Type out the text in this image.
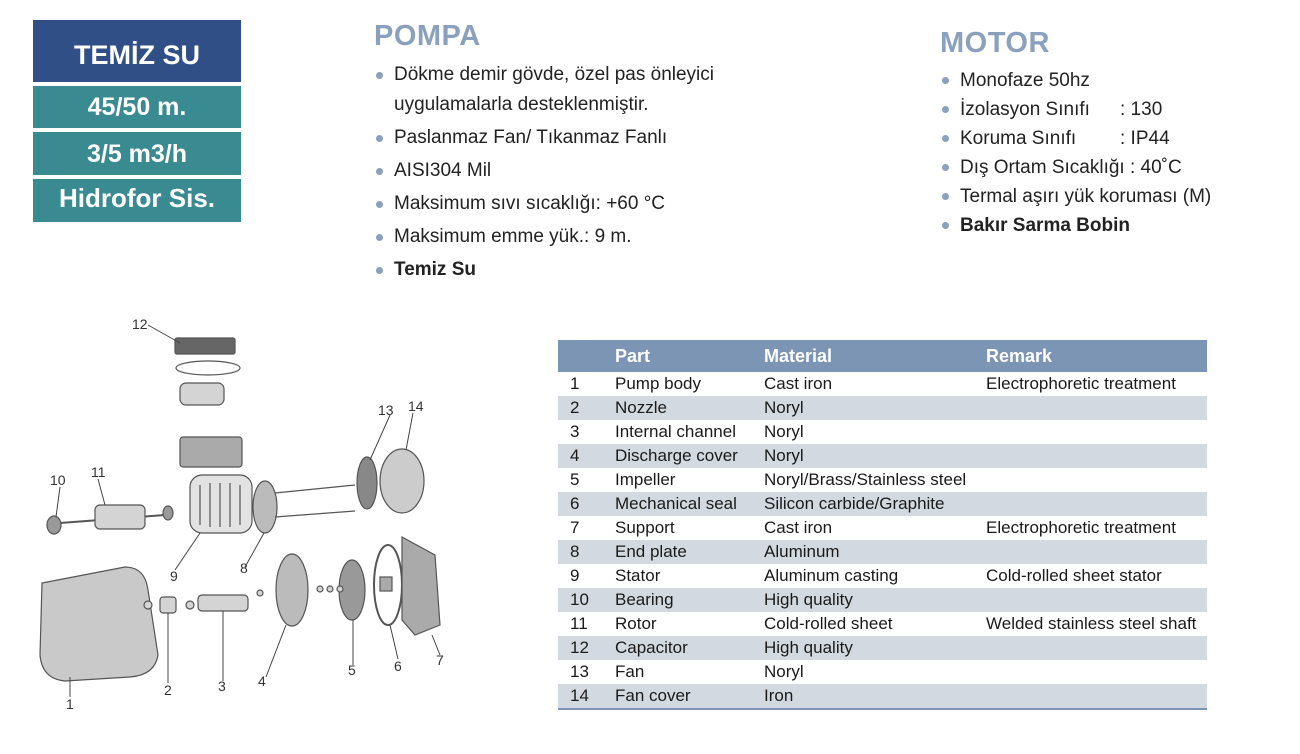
TEMİZ SU
45/50 m.
3/5 m3/h
Hidrofor Sis.
POMPA
Dökme demir gövde, özel pas önleyici uygulamalarla desteklenmiştir.
Paslanmaz Fan/ Tıkanmaz Fanlı
AISI304 Mil
Maksimum sıvı sıcaklığı: +60 °C
Maksimum emme yük.: 9 m.
Temiz Su
MOTOR
Monofaze 50hz
İzolasyon Sınıfı : 130
Koruma Sınıfı : IP44
Dış Ortam Sıcaklığı : 40˚C
Termal aşırı yük koruması (M)
Bakır Sarma Bobin
12
13 14
10 11
9	8
1
2	3 4
5	6 7
	Part	Material	Remark
1	Pump body	Cast iron	Electrophoretic treatment
2	Nozzle	Noryl	
3	Internal channel	Noryl	
4	Discharge cover	Noryl	
5	Impeller	Noryl/Brass/Stainless steel	
6	Mechanical seal	Silicon carbide/Graphite	
7	Support	Cast iron	Electrophoretic treatment
8	End plate	Aluminum	
9	Stator	Aluminum casting	Cold-rolled sheet stator
10	Bearing	High quality	
11	Rotor	Cold-rolled sheet	Welded stainless steel shaft
12	Capacitor	High quality	
13	Fan	Noryl	
14	Fan cover	Iron	
